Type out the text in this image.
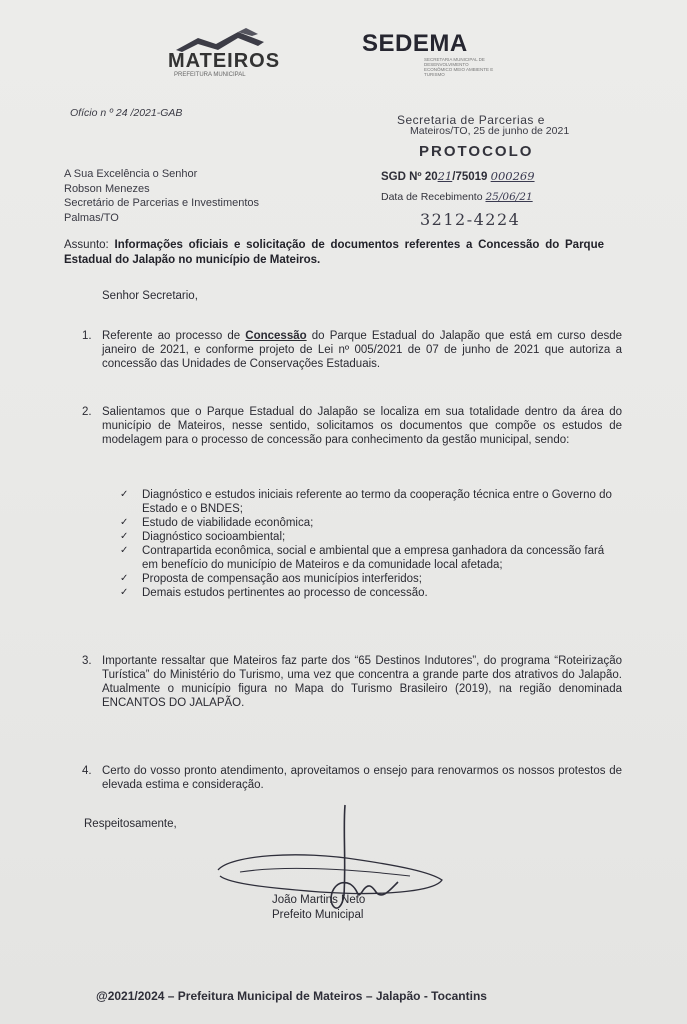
MATEIROS
PREFEITURA MUNICIPAL
SEDEMA
SECRETARIA MUNICIPAL DE DESENVOLVIMENTO ECONÔMICO MEIO AMBIENTE E TURISMO
Ofício n º 24 /2021-GAB	Secretaria de Parcerias e
Mateiros/TO, 25 de junho de 2021
PROTOCOLO
SGD Nº 2021/75019 000269
Data de Recebimento 25/06/21
3212-4224
A Sua Excelência o Senhor
Robson Menezes
Secretário de Parcerias e Investimentos
Palmas/TO
Assunto: Informações oficiais e solicitação de documentos referentes a Concessão do Parque Estadual do Jalapão no município de Mateiros.
Senhor Secretario,
1. Referente ao processo de Concessão do Parque Estadual do Jalapão que está em curso desde janeiro de 2021, e conforme projeto de Lei nº 005/2021 de 07 de junho de 2021 que autoriza a concessão das Unidades de Conservações Estaduais.
2. Salientamos que o Parque Estadual do Jalapão se localiza em sua totalidade dentro da área do município de Mateiros, nesse sentido, solicitamos os documentos que compõe os estudos de modelagem para o processo de concessão para conhecimento da gestão municipal, sendo:
✓ Diagnóstico e estudos iniciais referente ao termo da cooperação técnica entre o Governo do Estado e o BNDES;
✓ Estudo de viabilidade econômica;
✓ Diagnóstico socioambiental;
✓ Contrapartida econômica, social e ambiental que a empresa ganhadora da concessão fará em benefício do município de Mateiros e da comunidade local afetada;
✓ Proposta de compensação aos municípios interferidos;
✓ Demais estudos pertinentes ao processo de concessão.
3. Importante ressaltar que Mateiros faz parte dos “65 Destinos Indutores”, do programa “Roteirização Turística” do Ministério do Turismo, uma vez que concentra a grande parte dos atrativos do Jalapão. Atualmente o município figura no Mapa do Turismo Brasileiro (2019), na região denominada ENCANTOS DO JALAPÃO.
4. Certo do vosso pronto atendimento, aproveitamos o ensejo para renovarmos os nossos protestos de elevada estima e consideração.
Respeitosamente,
João Martins Neto
Prefeito Municipal
@2021/2024 – Prefeitura Municipal de Mateiros – Jalapão - Tocantins
